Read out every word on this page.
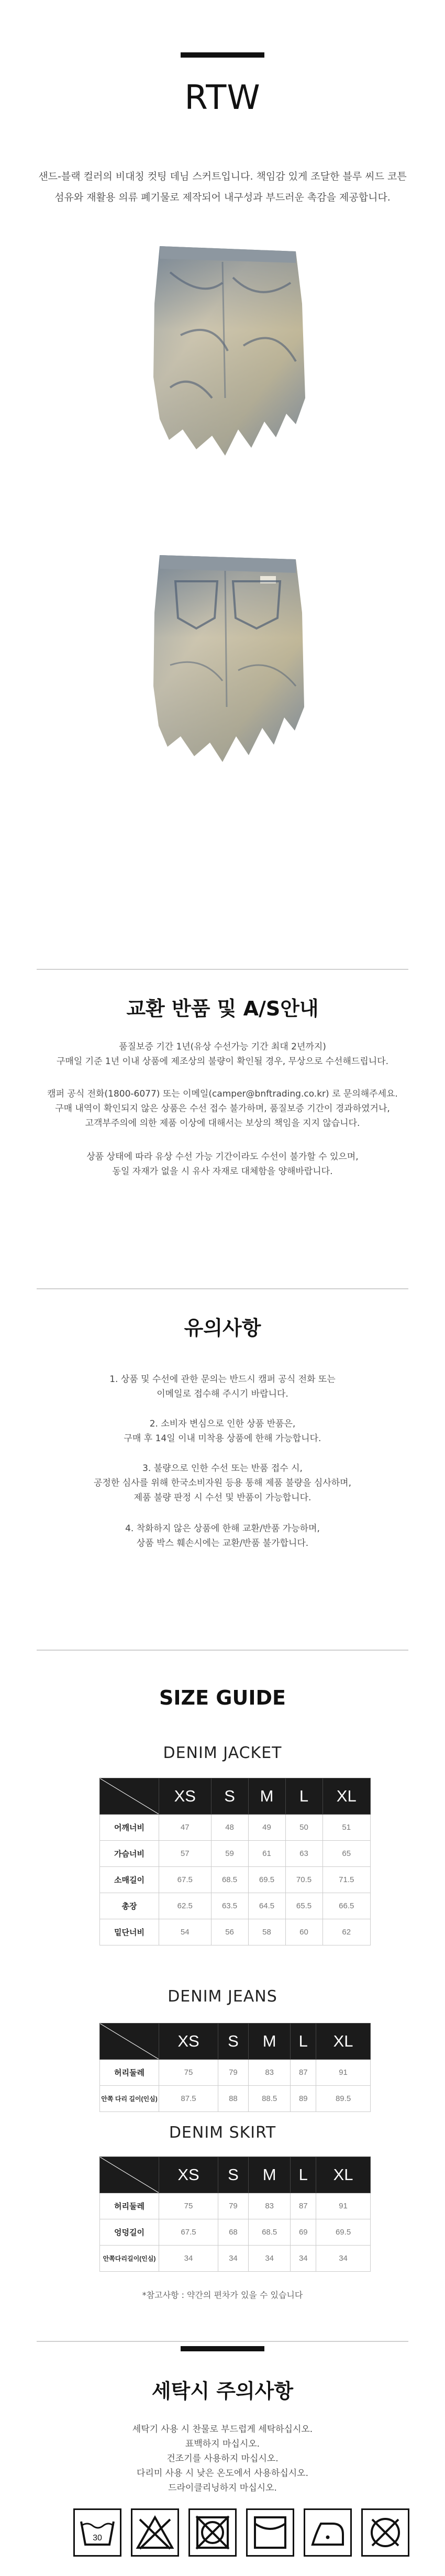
RTW
샌드-블랙 컬러의 비대칭 컷팅 데님 스커트입니다. 책임감 있게 조달한 블루 씨드 코튼
섬유와 재활용 의류 폐기물로 제작되어 내구성과 부드러운 촉감을 제공합니다.
교환 반품 및 A/S안내
품질보증 기간 1년(유상 수선가능 기간 최대 2년까지)
구매일 기준 1년 이내 상품에 제조상의 불량이 확인될 경우, 무상으로 수선해드립니다.
캠퍼 공식 전화(1800-6077) 또는 이메일(camper@bnftrading.co.kr) 로 문의해주세요.
구매 내역이 확인되지 않은 상품은 수선 접수 불가하며, 품질보증 기간이 경과하였거나,
고객부주의에 의한 제품 이상에 대해서는 보상의 책임을 지지 않습니다.
상품 상태에 따라 유상 수선 가능 기간이라도 수선이 불가할 수 있으며,
동일 자재가 없을 시 유사 자재로 대체함을 양해바랍니다.
유의사항
1. 상품 및 수선에 관한 문의는 반드시 캠퍼 공식 전화 또는
이메일로 접수해 주시기 바랍니다.
2. 소비자 변심으로 인한 상품 반품은,
구매 후 14일 이내 미착용 상품에 한해 가능합니다.
3. 불량으로 인한 수선 또는 반품 접수 시,
공정한 심사를 위해 한국소비자원 등용 통해 제품 불량을 심사하며,
제품 불량 판정 시 수선 및 반품이 가능합니다.
4. 착화하지 않은 상품에 한해 교환/반품 가능하며,
상품 박스 훼손시에는 교환/반품 불가합니다.
SIZE GUIDE
DENIM JACKET
	XS	S	M	L	XL
어깨너비	47	48	49	50	51
가슴너비	57	59	61	63	65
소매길이	67.5	68.5	69.5	70.5	71.5
총장	62.5	63.5	64.5	65.5	66.5
밑단너비	54	56	58	60	62
DENIM JEANS
	XS	S	M	L	XL
허리둘레	75	79	83	87	91
안쪽 다리 길이(인심)	87.5	88	88.5	89	89.5
DENIM SKIRT
	XS	S	M	L	XL
허리둘레	75	79	83	87	91
엉덩길이	67.5	68	68.5	69	69.5
안쪽다리길이(인심)	34	34	34	34	34
*참고사항 : 약간의 편차가 있을 수 있습니다
세탁시 주의사항
세탁기 사용 시 찬물로 부드럽게 세탁하십시오.
표백하지 마십시오.
건조기를 사용하지 마십시오.
다리미 사용 시 낮은 온도에서 사용하십시오.
드라이클리닝하지 마십시오.
30
